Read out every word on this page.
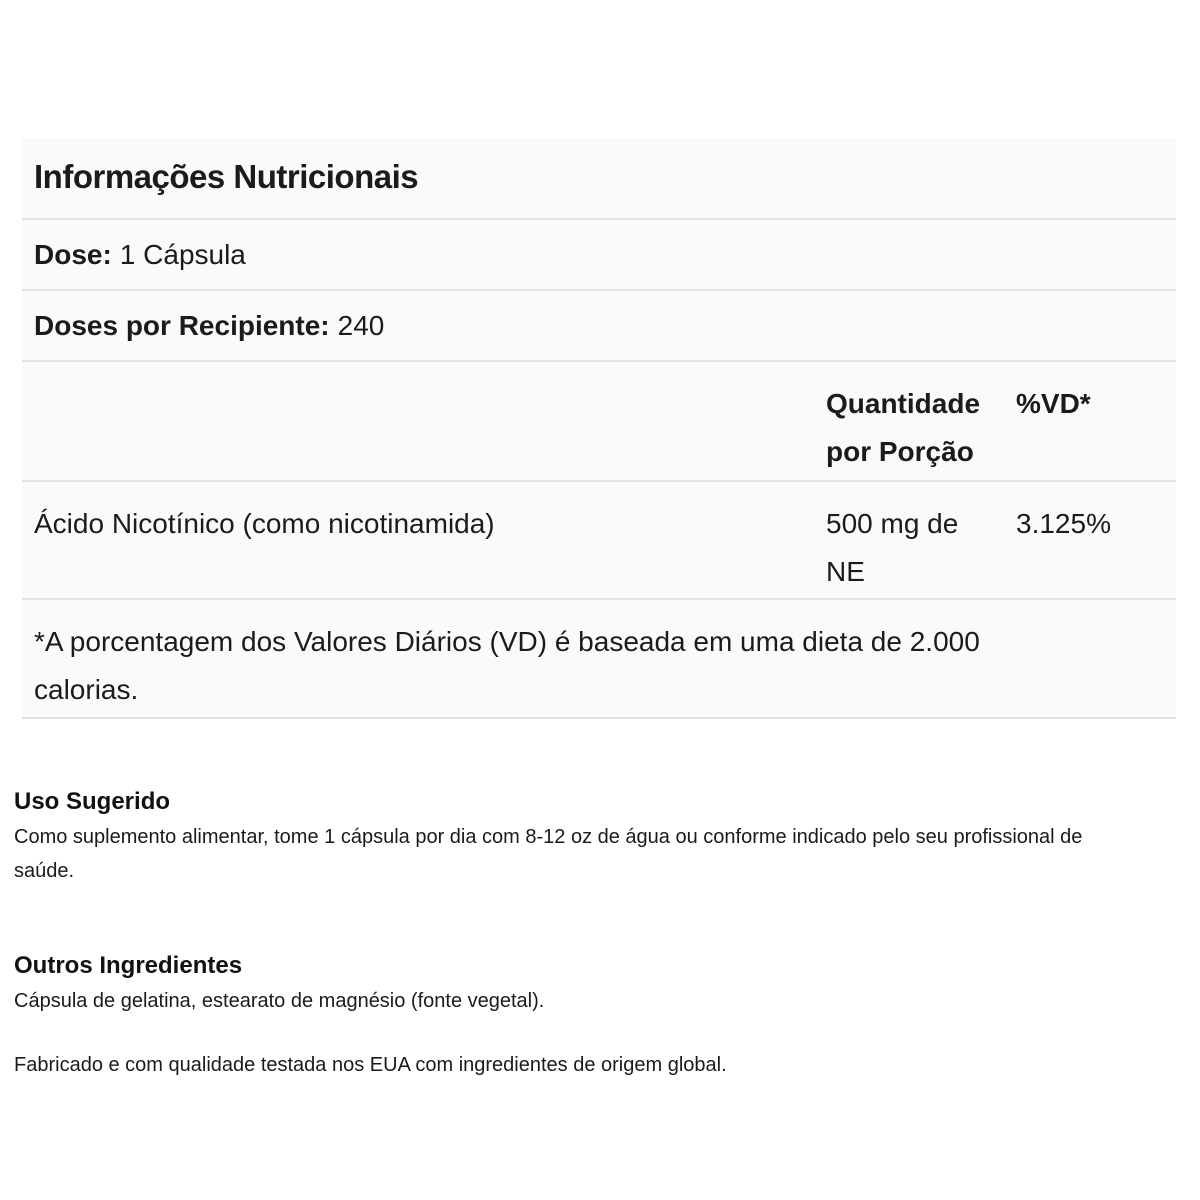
Informações Nutricionais
Dose: 1 Cápsula
Doses por Recipiente: 240
Quantidade
por Porção
%VD*
Ácido Nicotínico (como nicotinamida)	500 mg de
NE
3.125%
*A porcentagem dos Valores Diários (VD) é baseada em uma dieta de 2.000
calorias.
Uso Sugerido

Como suplemento alimentar, tome 1 cápsula por dia com 8-12 oz de água ou conforme indicado pelo seu profissional de

saúde.

Outros Ingredientes

Cápsula de gelatina, estearato de magnésio (fonte vegetal).

Fabricado e com qualidade testada nos EUA com ingredientes de origem global.
